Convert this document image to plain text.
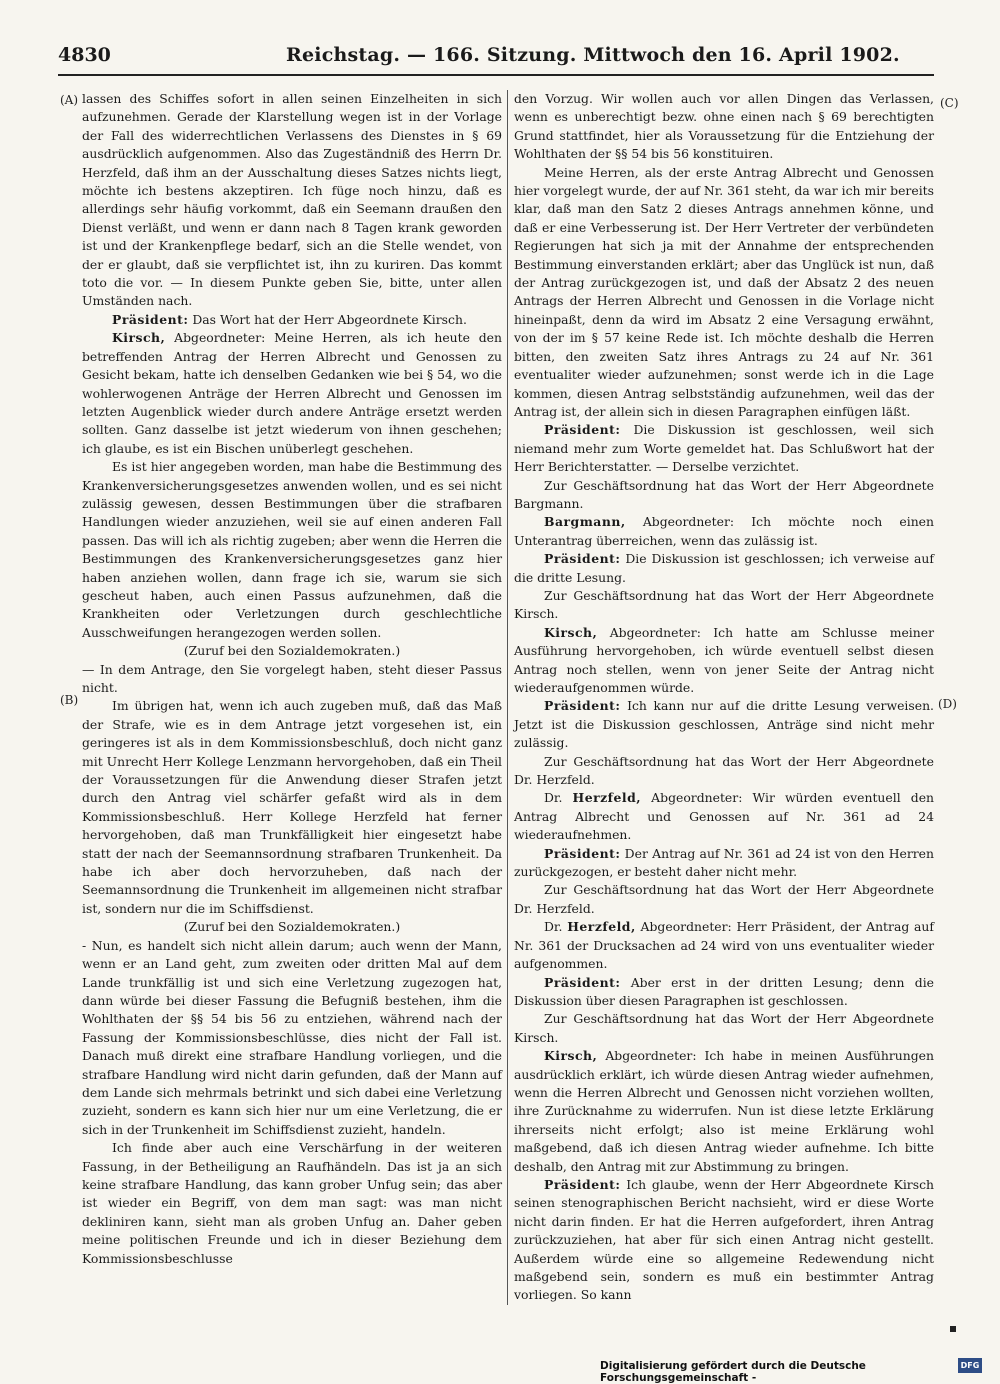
4830	Reichstag. — 166. Sitzung. Mittwoch den 16. April 1902.
(A)
(B)
(C)
(D)

lassen des Schiffes sofort in allen seinen Einzelheiten in sich aufzunehmen. Gerade der Klarstellung wegen ist in der Vorlage der Fall des widerrechtlichen Verlassens des Dienstes in § 69 ausdrücklich aufgenommen. Also das Zugeständniß des Herrn Dr. Herzfeld, daß ihm an der Ausschaltung dieses Satzes nichts liegt, möchte ich bestens akzeptiren. Ich füge noch hinzu, daß es allerdings sehr häufig vorkommt, daß ein Seemann draußen den Dienst verläßt, und wenn er dann nach 8 Tagen krank geworden ist und der Krankenpflege bedarf, sich an die Stelle wendet, von der er glaubt, daß sie verpflichtet ist, ihn zu kuriren. Das kommt toto die vor. — In diesem Punkte geben Sie, bitte, unter allen Umständen nach.

Präsident: Das Wort hat der Herr Abgeordnete Kirsch.

Kirsch, Abgeordneter: Meine Herren, als ich heute den betreffenden Antrag der Herren Albrecht und Genossen zu Gesicht bekam, hatte ich denselben Gedanken wie bei § 54, wo die wohlerwogenen Anträge der Herren Albrecht und Genossen im letzten Augenblick wieder durch andere Anträge ersetzt werden sollten. Ganz dasselbe ist jetzt wiederum von ihnen geschehen; ich glaube, es ist ein Bischen unüberlegt geschehen.

Es ist hier angegeben worden, man habe die Bestimmung des Krankenversicherungsgesetzes anwenden wollen, und es sei nicht zulässig gewesen, dessen Bestimmungen über die strafbaren Handlungen wieder anzuziehen, weil sie auf einen anderen Fall passen. Das will ich als richtig zugeben; aber wenn die Herren die Bestimmungen des Krankenversicherungsgesetzes ganz hier haben anziehen wollen, dann frage ich sie, warum sie sich gescheut haben, auch einen Passus aufzunehmen, daß die Krankheiten oder Verletzungen durch geschlechtliche Ausschweifungen herangezogen werden sollen.

(Zuruf bei den Sozialdemokraten.)

— In dem Antrage, den Sie vorgelegt haben, steht dieser Passus nicht.

Im übrigen hat, wenn ich auch zugeben muß, daß das Maß der Strafe, wie es in dem Antrage jetzt vorgesehen ist, ein geringeres ist als in dem Kommissionsbeschluß, doch nicht ganz mit Unrecht Herr Kollege Lenzmann hervorgehoben, daß ein Theil der Voraussetzungen für die Anwendung dieser Strafen jetzt durch den Antrag viel schärfer gefaßt wird als in dem Kommissionsbeschluß. Herr Kollege Herzfeld hat ferner hervorgehoben, daß man Trunkfälligkeit hier eingesetzt habe statt der nach der Seemannsordnung strafbaren Trunkenheit. Da habe ich aber doch hervorzuheben, daß nach der Seemannsordnung die Trunkenheit im allgemeinen nicht strafbar ist, sondern nur die im Schiffsdienst.

(Zuruf bei den Sozialdemokraten.)

- Nun, es handelt sich nicht allein darum; auch wenn der Mann, wenn er an Land geht, zum zweiten oder dritten Mal auf dem Lande trunkfällig ist und sich eine Verletzung zugezogen hat, dann würde bei dieser Fassung die Befugniß bestehen, ihm die Wohlthaten der §§ 54 bis 56 zu entziehen, während nach der Fassung der Kommissionsbeschlüsse, dies nicht der Fall ist. Danach muß direkt eine strafbare Handlung vorliegen, und die strafbare Handlung wird nicht darin gefunden, daß der Mann auf dem Lande sich mehrmals betrinkt und sich dabei eine Verletzung zuzieht, sondern es kann sich hier nur um eine Verletzung, die er sich in der Trunkenheit im Schiffsdienst zuzieht, handeln.

Ich finde aber auch eine Verschärfung in der weiteren Fassung, in der Betheiligung an Raufhändeln. Das ist ja an sich keine strafbare Handlung, das kann grober Unfug sein; das aber ist wieder ein Begriff, von dem man sagt: was man nicht dekliniren kann, sieht man als groben Unfug an. Daher geben meine politischen Freunde und ich in dieser Beziehung dem Kommissionsbeschlusse

den Vorzug. Wir wollen auch vor allen Dingen das Verlassen, wenn es unberechtigt bezw. ohne einen nach § 69 berechtigten Grund stattfindet, hier als Voraussetzung für die Entziehung der Wohlthaten der §§ 54 bis 56 konstituiren.

Meine Herren, als der erste Antrag Albrecht und Genossen hier vorgelegt wurde, der auf Nr. 361 steht, da war ich mir bereits klar, daß man den Satz 2 dieses Antrags annehmen könne, und daß er eine Verbesserung ist. Der Herr Vertreter der verbündeten Regierungen hat sich ja mit der Annahme der entsprechenden Bestimmung einverstanden erklärt; aber das Unglück ist nun, daß der Antrag zurückgezogen ist, und daß der Absatz 2 des neuen Antrags der Herren Albrecht und Genossen in die Vorlage nicht hineinpaßt, denn da wird im Absatz 2 eine Versagung erwähnt, von der im § 57 keine Rede ist. Ich möchte deshalb die Herren bitten, den zweiten Satz ihres Antrags zu 24 auf Nr. 361 eventualiter wieder aufzunehmen; sonst werde ich in die Lage kommen, diesen Antrag selbstständig aufzunehmen, weil das der Antrag ist, der allein sich in diesen Paragraphen einfügen läßt.

Präsident: Die Diskussion ist geschlossen, weil sich niemand mehr zum Worte gemeldet hat. Das Schlußwort hat der Herr Berichterstatter. — Derselbe verzichtet.

Zur Geschäftsordnung hat das Wort der Herr Abgeordnete Bargmann.

Bargmann, Abgeordneter: Ich möchte noch einen Unterantrag überreichen, wenn das zulässig ist.

Präsident: Die Diskussion ist geschlossen; ich verweise auf die dritte Lesung.

Zur Geschäftsordnung hat das Wort der Herr Abgeordnete Kirsch.

Kirsch, Abgeordneter: Ich hatte am Schlusse meiner Ausführung hervorgehoben, ich würde eventuell selbst diesen Antrag noch stellen, wenn von jener Seite der Antrag nicht wiederaufgenommen würde.

Präsident: Ich kann nur auf die dritte Lesung verweisen. Jetzt ist die Diskussion geschlossen, Anträge sind nicht mehr zulässig.

Zur Geschäftsordnung hat das Wort der Herr Abgeordnete Dr. Herzfeld.

Dr. Herzfeld, Abgeordneter: Wir würden eventuell den Antrag Albrecht und Genossen auf Nr. 361 ad 24 wiederaufnehmen.

Präsident: Der Antrag auf Nr. 361 ad 24 ist von den Herren zurückgezogen, er besteht daher nicht mehr.

Zur Geschäftsordnung hat das Wort der Herr Abgeordnete Dr. Herzfeld.

Dr. Herzfeld, Abgeordneter: Herr Präsident, der Antrag auf Nr. 361 der Drucksachen ad 24 wird von uns eventualiter wieder aufgenommen.

Präsident: Aber erst in der dritten Lesung; denn die Diskussion über diesen Paragraphen ist geschlossen.

Zur Geschäftsordnung hat das Wort der Herr Abgeordnete Kirsch.

Kirsch, Abgeordneter: Ich habe in meinen Ausführungen ausdrücklich erklärt, ich würde diesen Antrag wieder aufnehmen, wenn die Herren Albrecht und Genossen nicht vorziehen wollten, ihre Zurücknahme zu widerrufen. Nun ist diese letzte Erklärung ihrerseits nicht erfolgt; also ist meine Erklärung wohl maßgebend, daß ich diesen Antrag wieder aufnehme. Ich bitte deshalb, den Antrag mit zur Abstimmung zu bringen.

Präsident: Ich glaube, wenn der Herr Abgeordnete Kirsch seinen stenographischen Bericht nachsieht, wird er diese Worte nicht darin finden. Er hat die Herren aufgefordert, ihren Antrag zurückzuziehen, hat aber für sich einen Antrag nicht gestellt. Außerdem würde eine so allgemeine Redewendung nicht maßgebend sein, sondern es muß ein bestimmter Antrag vorliegen. So kann

Digitalisierung gefördert durch die Deutsche Forschungsgemeinschaft -
DFG
